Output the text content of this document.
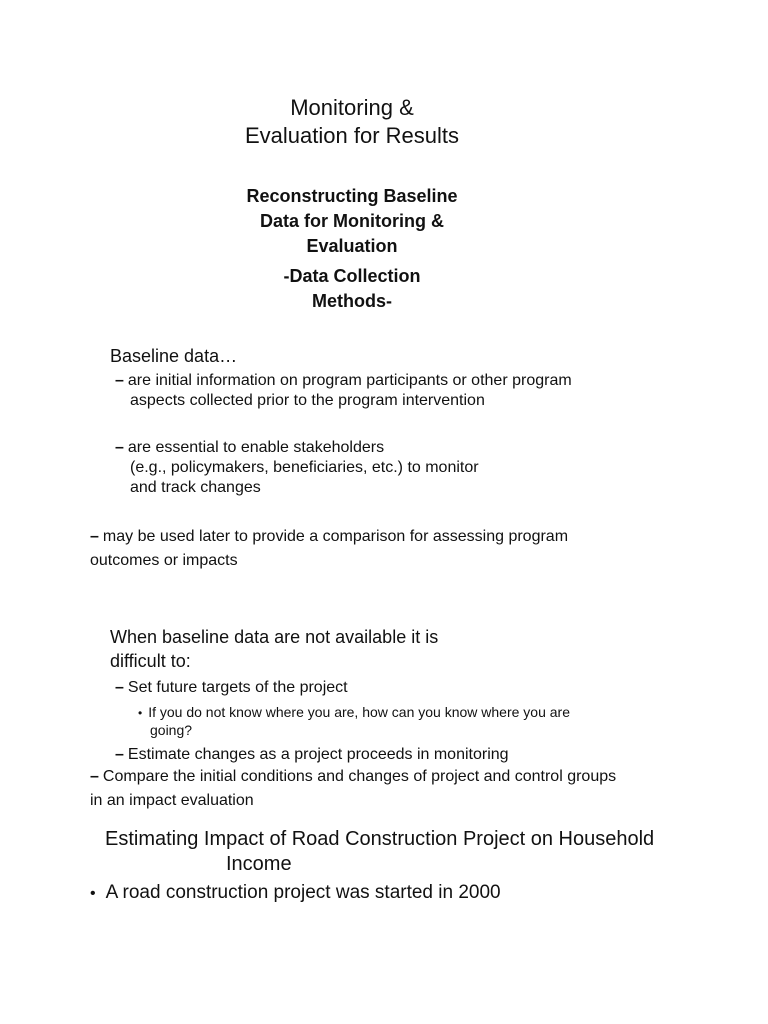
Monitoring &
Evaluation for Results
Reconstructing Baseline
Data for Monitoring &
Evaluation
-Data Collection
Methods-
Baseline data…
– are initial information on program participants or other program
aspects collected prior to the program intervention
– are essential to enable stakeholders
(e.g., policymakers, beneficiaries, etc.) to monitor
and track changes
– may be used later to provide a comparison for assessing program
outcomes or impacts
When baseline data are not available it is
difficult to:
– Set future targets of the project
• If you do not know where you are, how can you know where you are
going?
– Estimate changes as a project proceeds in monitoring
– Compare the initial conditions and changes of project and control groups
in an impact evaluation
Estimating Impact of Road Construction Project on Household
Income
• A road construction project was started in 2000
